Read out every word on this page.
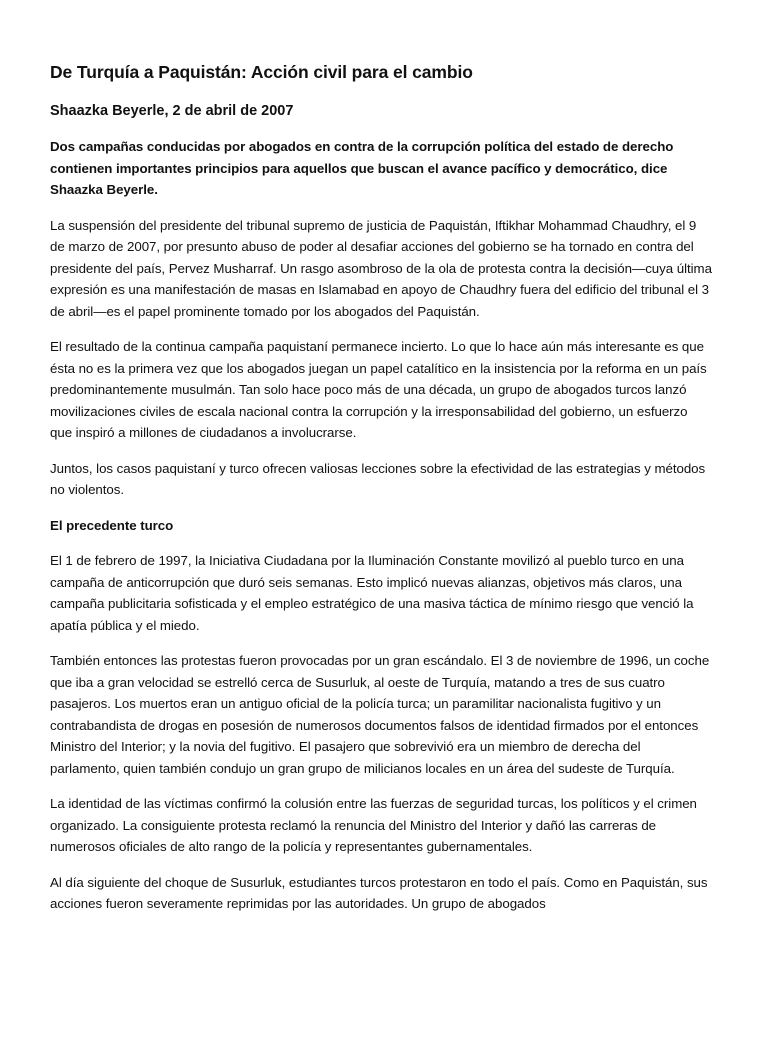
De Turquía a Paquistán: Acción civil para el cambio
Shaazka Beyerle, 2 de abril de 2007

Dos campañas conducidas por abogados en contra de la corrupción política del estado de derecho contienen importantes principios para aquellos que buscan el avance pacífico y democrático, dice Shaazka Beyerle.

La suspensión del presidente del tribunal supremo de justicia de Paquistán, Iftikhar Mohammad Chaudhry, el 9 de marzo de 2007, por presunto abuso de poder al desafiar acciones del gobierno se ha tornado en contra del presidente del país, Pervez Musharraf. Un rasgo asombroso de la ola de protesta contra la decisión—cuya última expresión es una manifestación de masas en Islamabad en apoyo de Chaudhry fuera del edificio del tribunal el 3 de abril—es el papel prominente tomado por los abogados del Paquistán.

El resultado de la continua campaña paquistaní permanece incierto. Lo que lo hace aún más interesante es que ésta no es la primera vez que los abogados juegan un papel catalítico en la insistencia por la reforma en un país predominantemente musulmán. Tan solo hace poco más de una década, un grupo de abogados turcos lanzó movilizaciones civiles de escala nacional contra la corrupción y la irresponsabilidad del gobierno, un esfuerzo que inspiró a millones de ciudadanos a involucrarse.

Juntos, los casos paquistaní y turco ofrecen valiosas lecciones sobre la efectividad de las estrategias y métodos no violentos.

El precedente turco

El 1 de febrero de 1997, la Iniciativa Ciudadana por la Iluminación Constante movilizó al pueblo turco en una campaña de anticorrupción que duró seis semanas. Esto implicó nuevas alianzas, objetivos más claros, una campaña publicitaria sofisticada y el empleo estratégico de una masiva táctica de mínimo riesgo que venció la apatía pública y el miedo.

También entonces las protestas fueron provocadas por un gran escándalo. El 3 de noviembre de 1996, un coche que iba a gran velocidad se estrelló cerca de Susurluk, al oeste de Turquía, matando a tres de sus cuatro pasajeros. Los muertos eran un antiguo oficial de la policía turca; un paramilitar nacionalista fugitivo y un contrabandista de drogas en posesión de numerosos documentos falsos de identidad firmados por el entonces Ministro del Interior; y la novia del fugitivo. El pasajero que sobrevivió era un miembro de derecha del parlamento, quien también condujo un gran grupo de milicianos locales en un área del sudeste de Turquía.

La identidad de las víctimas confirmó la colusión entre las fuerzas de seguridad turcas, los políticos y el crimen organizado. La consiguiente protesta reclamó la renuncia del Ministro del Interior y dañó las carreras de numerosos oficiales de alto rango de la policía y representantes gubernamentales.

Al día siguiente del choque de Susurluk, estudiantes turcos protestaron en todo el país. Como en Paquistán, sus acciones fueron severamente reprimidas por las autoridades. Un grupo de abogados
